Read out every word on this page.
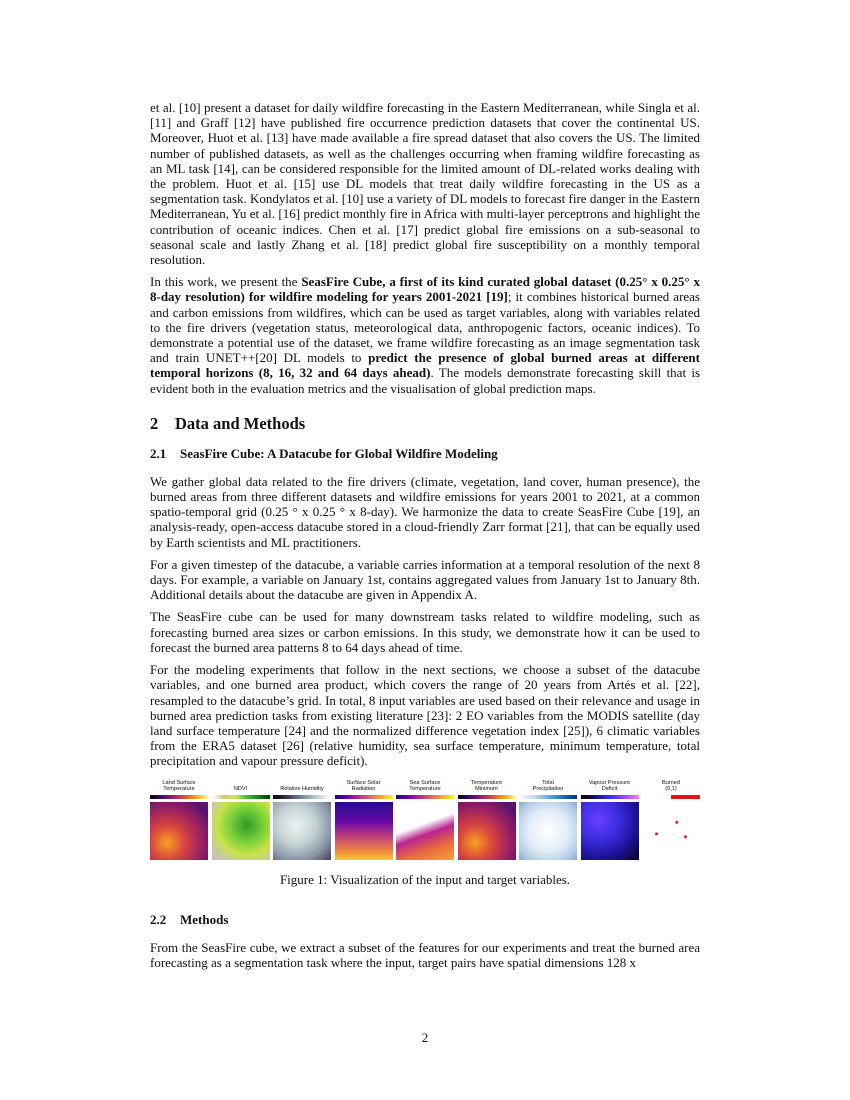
et al. [10] present a dataset for daily wildfire forecasting in the Eastern Mediterranean, while Singla et al. [11] and Graff [12] have published fire occurrence prediction datasets that cover the continental US. Moreover, Huot et al. [13] have made available a fire spread dataset that also covers the US. The limited number of published datasets, as well as the challenges occurring when framing wildfire forecasting as an ML task [14], can be considered responsible for the limited amount of DL-related works dealing with the problem. Huot et al. [15] use DL models that treat daily wildfire forecasting in the US as a segmentation task. Kondylatos et al. [10] use a variety of DL models to forecast fire danger in the Eastern Mediterranean, Yu et al. [16] predict monthly fire in Africa with multi-layer perceptrons and highlight the contribution of oceanic indices. Chen et al. [17] predict global fire emissions on a sub-seasonal to seasonal scale and lastly Zhang et al. [18] predict global fire susceptibility on a monthly temporal resolution.

In this work, we present the SeasFire Cube, a first of its kind curated global dataset (0.25° x 0.25° x 8-day resolution) for wildfire modeling for years 2001-2021 [19]; it combines historical burned areas and carbon emissions from wildfires, which can be used as target variables, along with variables related to the fire drivers (vegetation status, meteorological data, anthropogenic factors, oceanic indices). To demonstrate a potential use of the dataset, we frame wildfire forecasting as an image segmentation task and train UNET++[20] DL models to predict the presence of global burned areas at different temporal horizons (8, 16, 32 and 64 days ahead). The models demonstrate forecasting skill that is evident both in the evaluation metrics and the visualisation of global prediction maps.

2 Data and Methods
2.1 SeasFire Cube: A Datacube for Global Wildfire Modeling

We gather global data related to the fire drivers (climate, vegetation, land cover, human presence), the burned areas from three different datasets and wildfire emissions for years 2001 to 2021, at a common spatio-temporal grid (0.25 ° x 0.25 ° x 8-day). We harmonize the data to create SeasFire Cube [19], an analysis-ready, open-access datacube stored in a cloud-friendly Zarr format [21], that can be equally used by Earth scientists and ML practitioners.

For a given timestep of the datacube, a variable carries information at a temporal resolution of the next 8 days. For example, a variable on January 1st, contains aggregated values from January 1st to January 8th. Additional details about the datacube are given in Appendix A.

The SeasFire cube can be used for many downstream tasks related to wildfire modeling, such as forecasting burned area sizes or carbon emissions. In this study, we demonstrate how it can be used to forecast the burned area patterns 8 to 64 days ahead of time.

For the modeling experiments that follow in the next sections, we choose a subset of the datacube variables, and one burned area product, which covers the range of 20 years from Artés et al. [22], resampled to the datacube’s grid. In total, 8 input variables are used based on their relevance and usage in burned area prediction tasks from existing literature [23]: 2 EO variables from the MODIS satellite (day land surface temperature [24] and the normalized difference vegetation index [25]), 6 climatic variables from the ERA5 dataset [26] (relative humidity, sea surface temperature, minimum temperature, total precipitation and vapour pressure deficit).

Land Surface
Temperature	NDVI	Relative Humidity
Surface Solar
Radiation
Sea Surface
Temperature
Temperature
Minimum
Total
Precipitation
Vapour Pressure
Deficit
Burned
(0,1)

Figure 1: Visualization of the input and target variables.

2.2 Methods

From the SeasFire cube, we extract a subset of the features for our experiments and treat the burned area forecasting as a segmentation task where the input, target pairs have spatial dimensions 128 x

2
